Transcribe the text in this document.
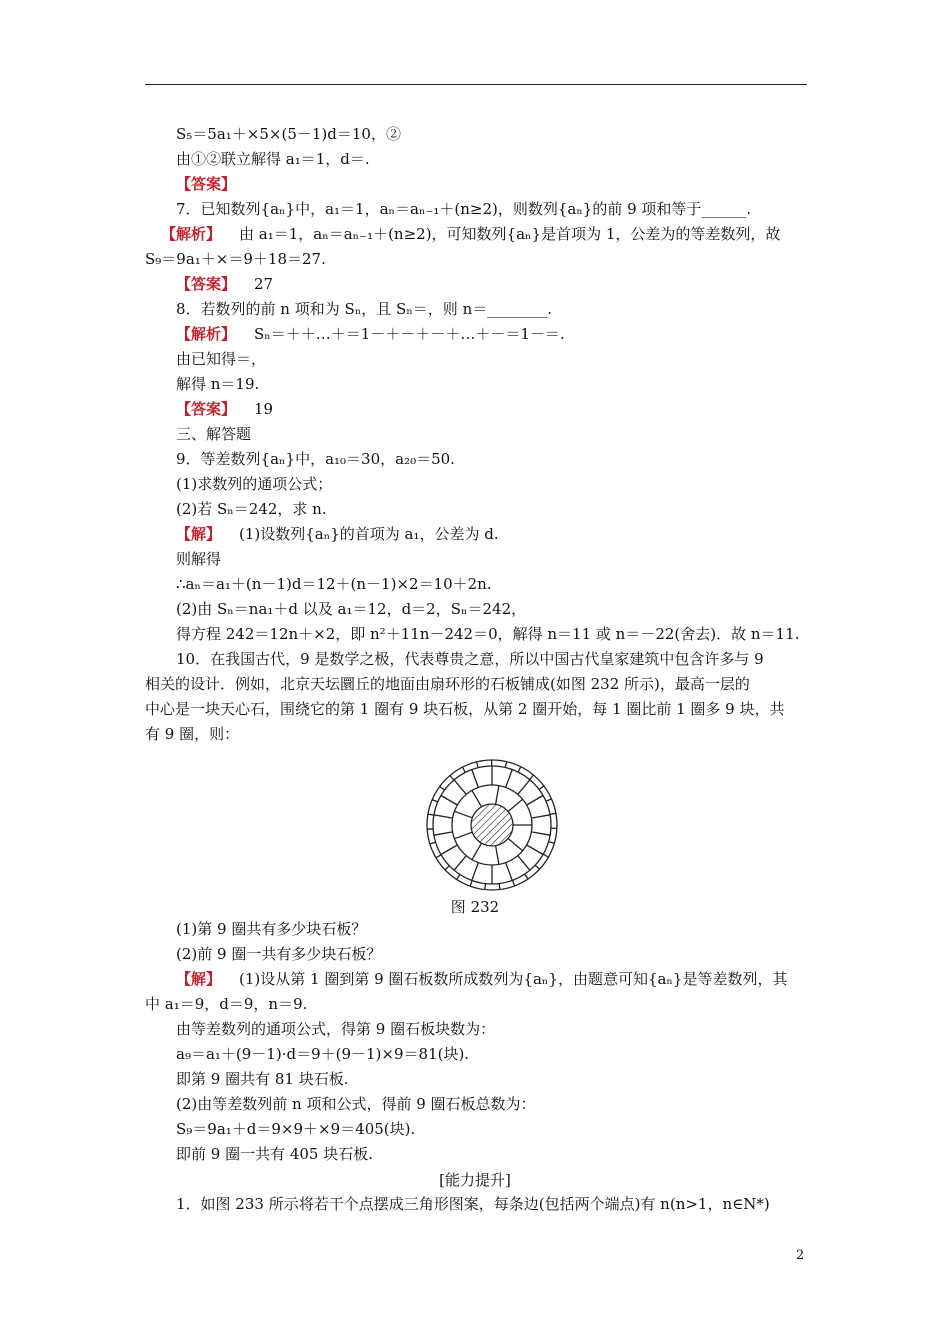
S₅＝5a₁＋×5×(5－1)d＝10，②
由①②联立解得 a₁＝1，d＝.
【答案】
7．已知数列{aₙ}中，a₁＝1，aₙ＝aₙ₋₁＋(n≥2)，则数列{aₙ}的前 9 项和等于______.
【解析】 由 a₁＝1，aₙ＝aₙ₋₁＋(n≥2)，可知数列{aₙ}是首项为 1，公差为的等差数列，故
S₉＝9a₁＋×＝9＋18＝27.
【答案】 27
8．若数列的前 n 项和为 Sₙ，且 Sₙ＝，则 n＝________.
【解析】 Sₙ＝＋＋…＋＝1－＋－＋－＋…＋－＝1－＝.
由已知得＝，
解得 n＝19.
【答案】 19
三、解答题
9．等差数列{aₙ}中，a₁₀＝30，a₂₀＝50.
(1)求数列的通项公式；
(2)若 Sₙ＝242，求 n.
【解】 (1)设数列{aₙ}的首项为 a₁，公差为 d.
则解得
∴aₙ＝a₁＋(n－1)d＝12＋(n－1)×2＝10＋2n.
(2)由 Sₙ＝na₁＋d 以及 a₁＝12，d＝2，Sₙ＝242，
得方程 242＝12n＋×2，即 n²＋11n－242＝0，解得 n＝11 或 n＝－22(舍去)．故 n＝11.
10．在我国古代，9 是数学之极，代表尊贵之意，所以中国古代皇家建筑中包含许多与 9
相关的设计．例如，北京天坛圜丘的地面由扇环形的石板铺成(如图 232 所示)，最高一层的
中心是一块天心石，围绕它的第 1 圈有 9 块石板，从第 2 圈开始，每 1 圈比前 1 圈多 9 块，共
有 9 圈，则：
图 232
(1)第 9 圈共有多少块石板？
(2)前 9 圈一共有多少块石板？
【解】 (1)设从第 1 圈到第 9 圈石板数所成数列为{aₙ}，由题意可知{aₙ}是等差数列，其
中 a₁＝9，d＝9，n＝9.
由等差数列的通项公式，得第 9 圈石板块数为：
a₉＝a₁＋(9－1)·d＝9＋(9－1)×9＝81(块).
即第 9 圈共有 81 块石板.
(2)由等差数列前 n 项和公式，得前 9 圈石板总数为：
S₉＝9a₁＋d＝9×9＋×9＝405(块).
即前 9 圈一共有 405 块石板.
[能力提升]
1．如图 233 所示将若干个点摆成三角形图案，每条边(包括两个端点)有 n(n>1，n∈N*)
2
